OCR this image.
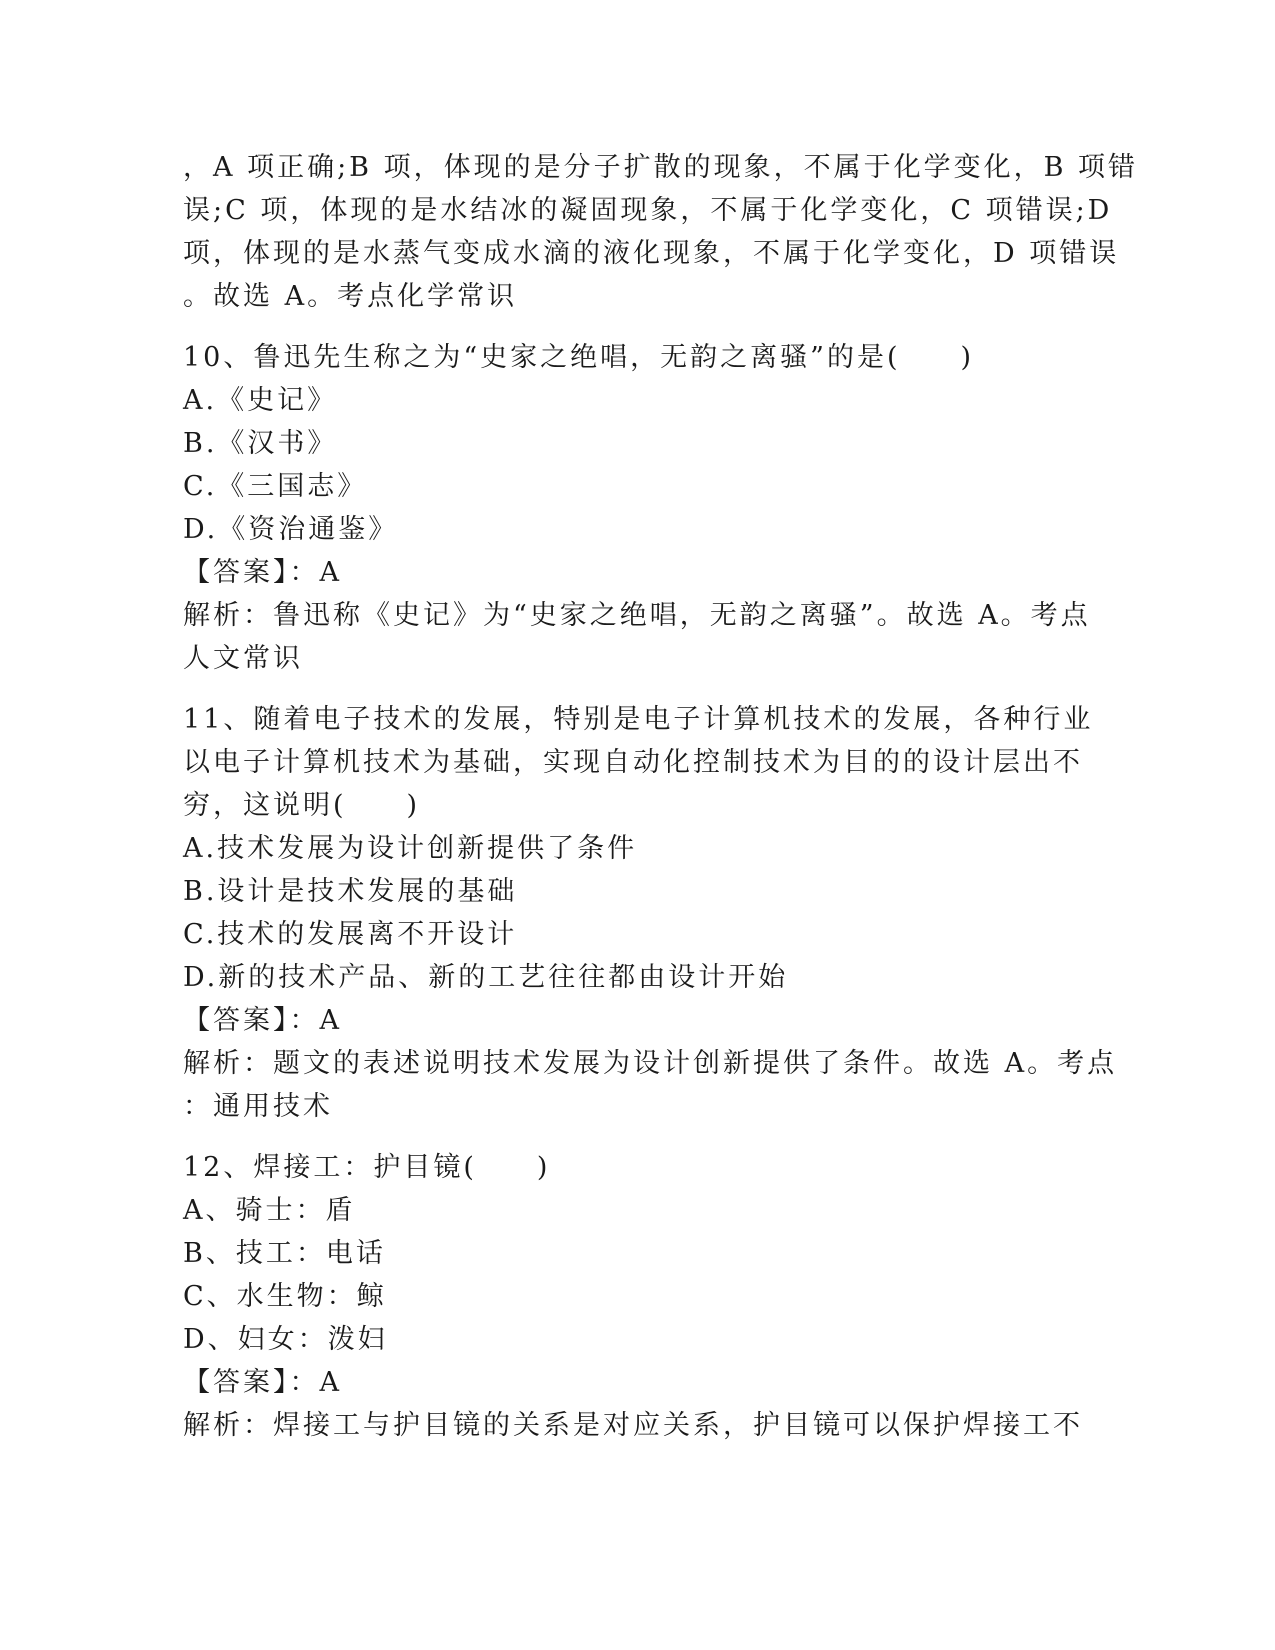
，A 项正确;B 项，体现的是分子扩散的现象，不属于化学变化，B 项错
误;C 项，体现的是水结冰的凝固现象，不属于化学变化，C 项错误;D
项，体现的是水蒸气变成水滴的液化现象，不属于化学变化，D 项错误
。故选 A。考点化学常识
10、鲁迅先生称之为“史家之绝唱，无韵之离骚”的是(　　)
A.《史记》
B.《汉书》
C.《三国志》
D.《资治通鉴》
【答案】：A
解析：鲁迅称《史记》为“史家之绝唱，无韵之离骚”。故选 A。考点
人文常识
11、随着电子技术的发展，特别是电子计算机技术的发展，各种行业
以电子计算机技术为基础，实现自动化控制技术为目的的设计层出不
穷，这说明(　　)
A.技术发展为设计创新提供了条件
B.设计是技术发展的基础
C.技术的发展离不开设计
D.新的技术产品、新的工艺往往都由设计开始
【答案】：A
解析：题文的表述说明技术发展为设计创新提供了条件。故选 A。考点
：通用技术
12、焊接工：护目镜(　　)
A、骑士：盾
B、技工：电话
C、水生物：鲸
D、妇女：泼妇
【答案】：A
解析：焊接工与护目镜的关系是对应关系，护目镜可以保护焊接工不
